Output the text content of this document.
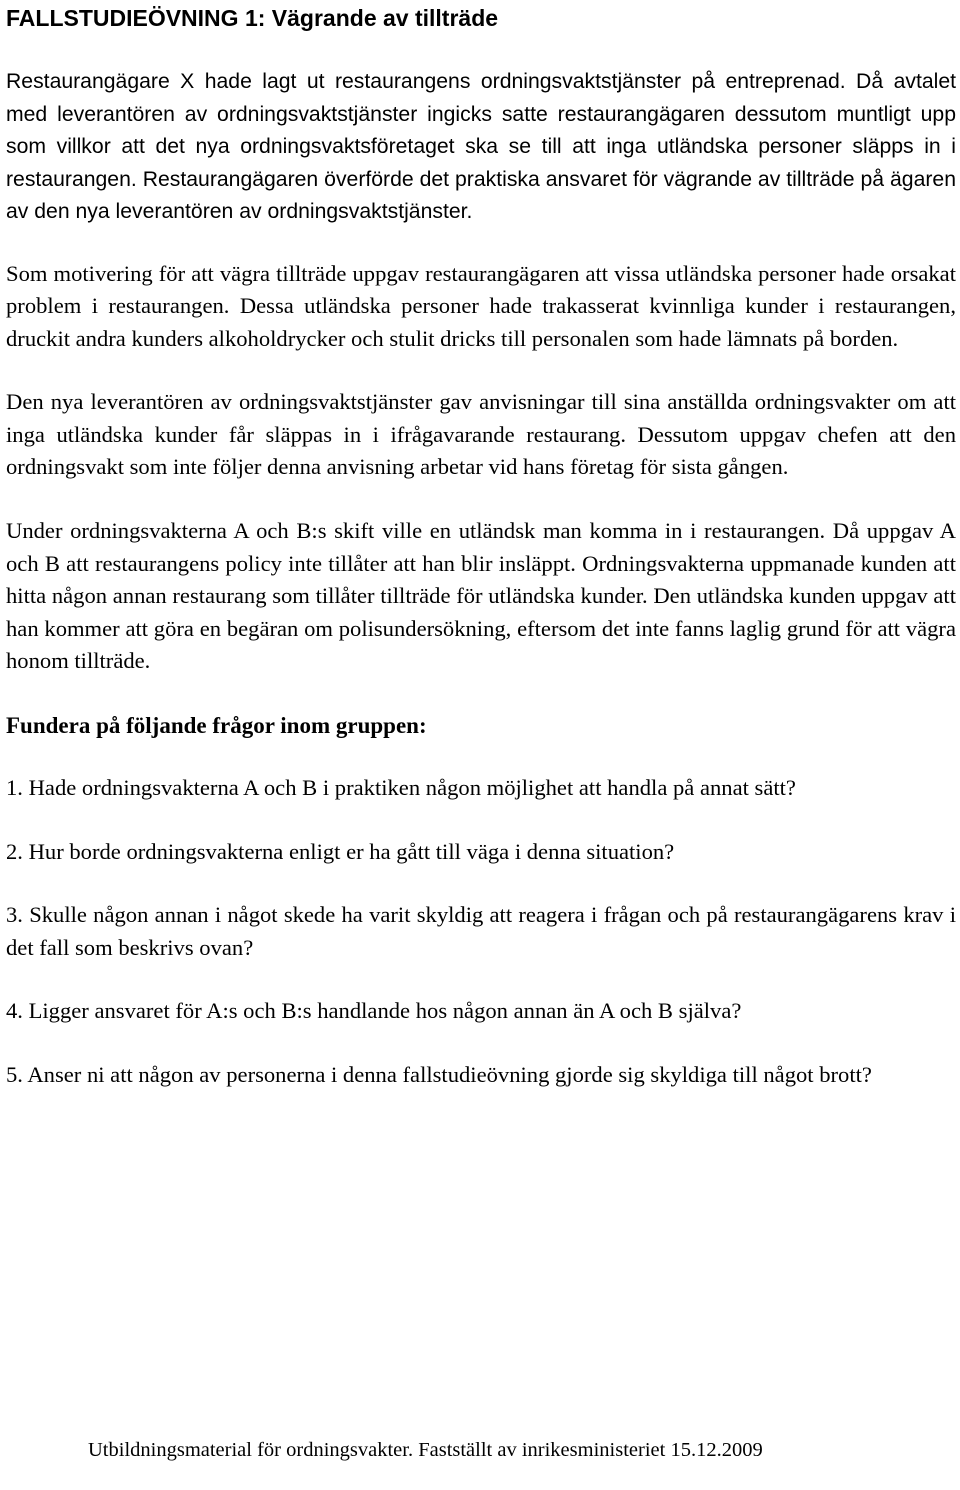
FALLSTUDIEÖVNING 1: Vägrande av tillträde

Restaurangägare X hade lagt ut restaurangens ordningsvaktstjänster på entreprenad. Då avtalet med leverantören av ordningsvaktstjänster ingicks satte restaurangägaren dessutom muntligt upp som villkor att det nya ordningsvaktsföretaget ska se till att inga utländska personer släpps in i restaurangen. Restaurangägaren överförde det praktiska ansvaret för vägrande av tillträde på ägaren av den nya leverantören av ordningsvaktstjänster.

Som motivering för att vägra tillträde uppgav restaurangägaren att vissa utländska personer hade orsakat problem i restaurangen. Dessa utländska personer hade trakasserat kvinnliga kunder i restaurangen, druckit andra kunders alkoholdrycker och stulit dricks till personalen som hade lämnats på borden.

Den nya leverantören av ordningsvaktstjänster gav anvisningar till sina anställda ordningsvakter om att inga utländska kunder får släppas in i ifrågavarande restaurang. Dessutom uppgav chefen att den ordningsvakt som inte följer denna anvisning arbetar vid hans företag för sista gången.

Under ordningsvakterna A och B:s skift ville en utländsk man komma in i restaurangen. Då uppgav A och B att restaurangens policy inte tillåter att han blir insläppt. Ordningsvakterna uppmanade kunden att hitta någon annan restaurang som tillåter tillträde för utländska kunder. Den utländska kunden uppgav att han kommer att göra en begäran om polisundersökning, eftersom det inte fanns laglig grund för att vägra honom tillträde.

Fundera på följande frågor inom gruppen:

1. Hade ordningsvakterna A och B i praktiken någon möjlighet att handla på annat sätt?

2. Hur borde ordningsvakterna enligt er ha gått till väga i denna situation?

3. Skulle någon annan i något skede ha varit skyldig att reagera i frågan och på restaurangägarens krav i det fall som beskrivs ovan?

4. Ligger ansvaret för A:s och B:s handlande hos någon annan än A och B själva?

5. Anser ni att någon av personerna i denna fallstudieövning gjorde sig skyldiga till något brott?

Utbildningsmaterial för ordningsvakter. Fastställt av inrikesministeriet 15.12.2009
